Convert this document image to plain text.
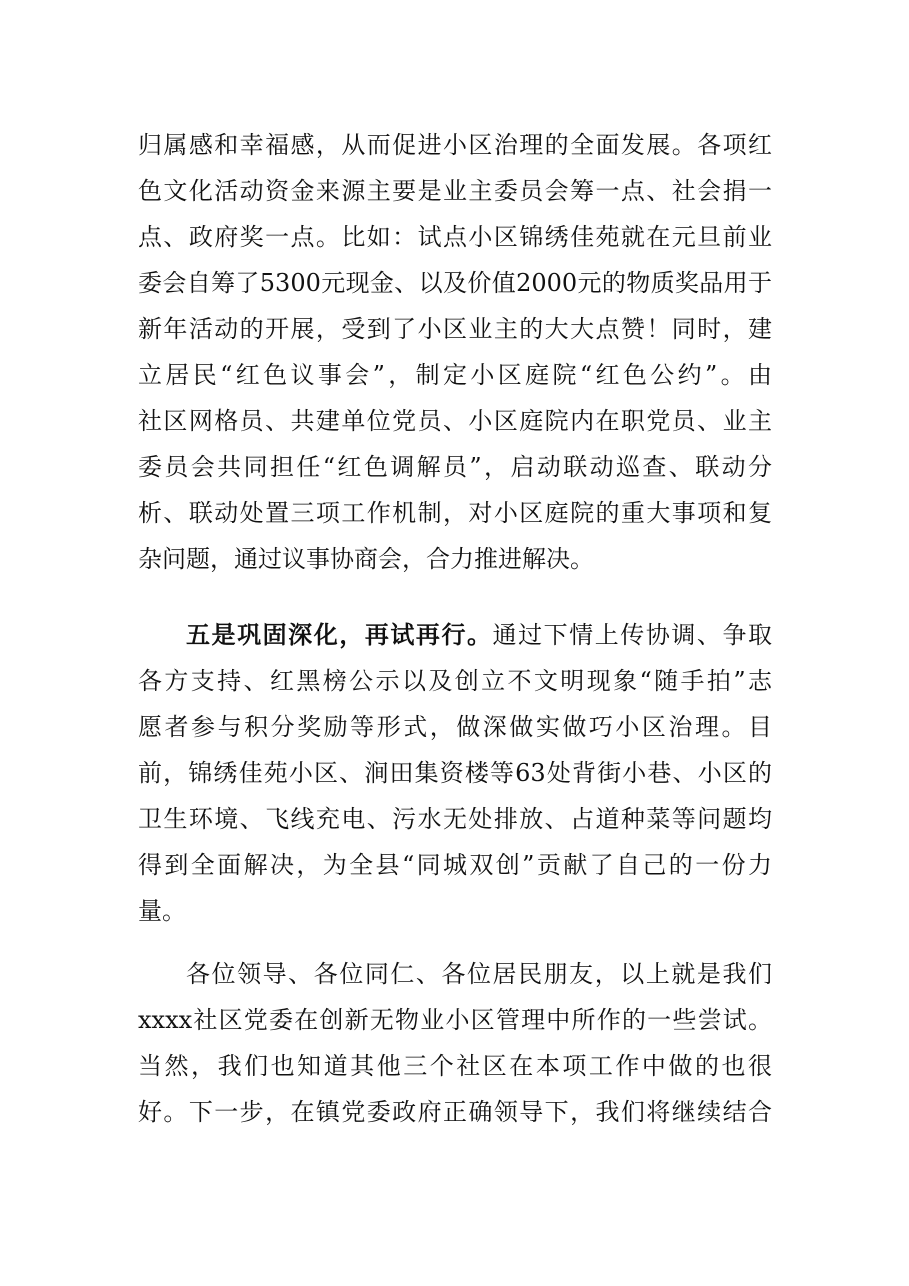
归属感和幸福感，从而促进小区治理的全面发展。各项红
色文化活动资金来源主要是业主委员会筹一点、社会捐一
点、政府奖一点。比如：试点小区锦绣佳苑就在元旦前业
委会自筹了5300元现金、以及价值2000元的物质奖品用于
新年活动的开展，受到了小区业主的大大点赞！同时，建
立居民“红色议事会”，制定小区庭院“红色公约”。由
社区网格员、共建单位党员、小区庭院内在职党员、业主
委员会共同担任“红色调解员”，启动联动巡查、联动分
析、联动处置三项工作机制，对小区庭院的重大事项和复
杂问题，通过议事协商会，合力推进解决。
五是巩固深化，再试再行。通过下情上传协调、争取
各方支持、红黑榜公示以及创立不文明现象“随手拍”志
愿者参与积分奖励等形式，做深做实做巧小区治理。目
前，锦绣佳苑小区、涧田集资楼等63处背街小巷、小区的
卫生环境、飞线充电、污水无处排放、占道种菜等问题均
得到全面解决，为全县“同城双创”贡献了自己的一份力
量。
各位领导、各位同仁、各位居民朋友，以上就是我们
xxxx社区党委在创新无物业小区管理中所作的一些尝试。
当然，我们也知道其他三个社区在本项工作中做的也很
好。下一步，在镇党委政府正确领导下，我们将继续结合
